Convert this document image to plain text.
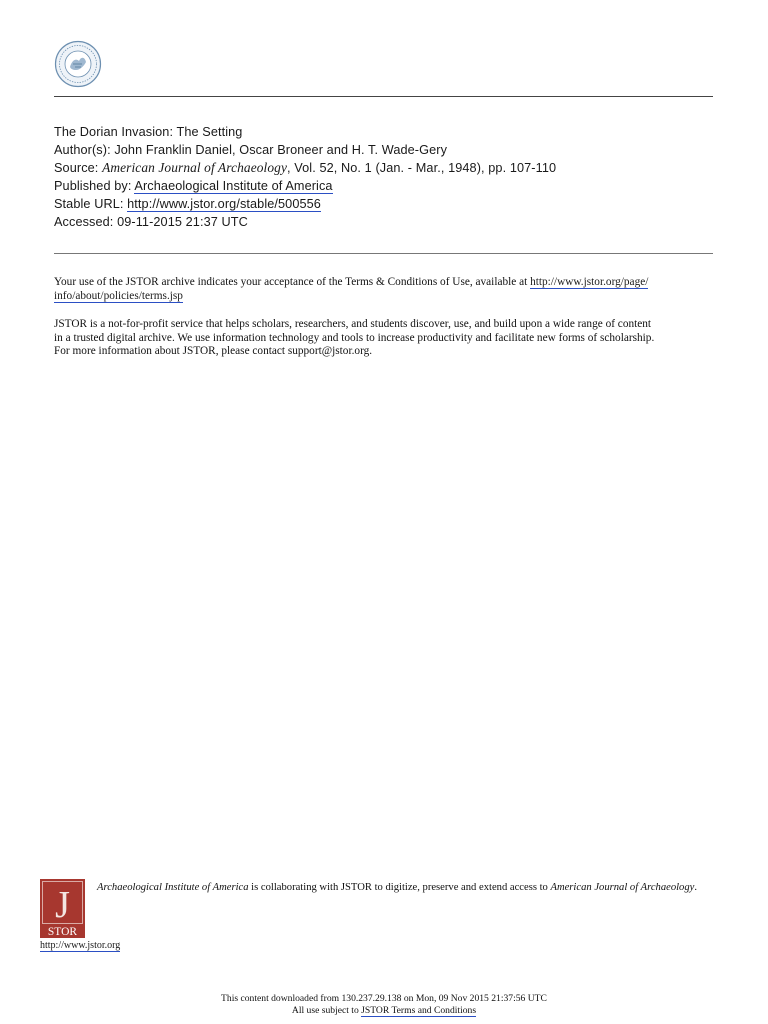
The Dorian Invasion: The Setting
Author(s): John Franklin Daniel, Oscar Broneer and H. T. Wade-Gery
Source: American Journal of Archaeology, Vol. 52, No. 1 (Jan. - Mar., 1948), pp. 107-110
Published by: Archaeological Institute of America
Stable URL: http://www.jstor.org/stable/500556
Accessed: 09-11-2015 21:37 UTC
Your use of the JSTOR archive indicates your acceptance of the Terms & Conditions of Use, available at http://www.jstor.org/page/
info/about/policies/terms.jsp
JSTOR is a not-for-profit service that helps scholars, researchers, and students discover, use, and build upon a wide range of content
in a trusted digital archive. We use information technology and tools to increase productivity and facilitate new forms of scholarship.
For more information about JSTOR, please contact support@jstor.org.
J
STOR
http://www.jstor.org
Archaeological Institute of America is collaborating with JSTOR to digitize, preserve and extend access to American Journal of Archaeology.
This content downloaded from 130.237.29.138 on Mon, 09 Nov 2015 21:37:56 UTC
All use subject to JSTOR Terms and Conditions
